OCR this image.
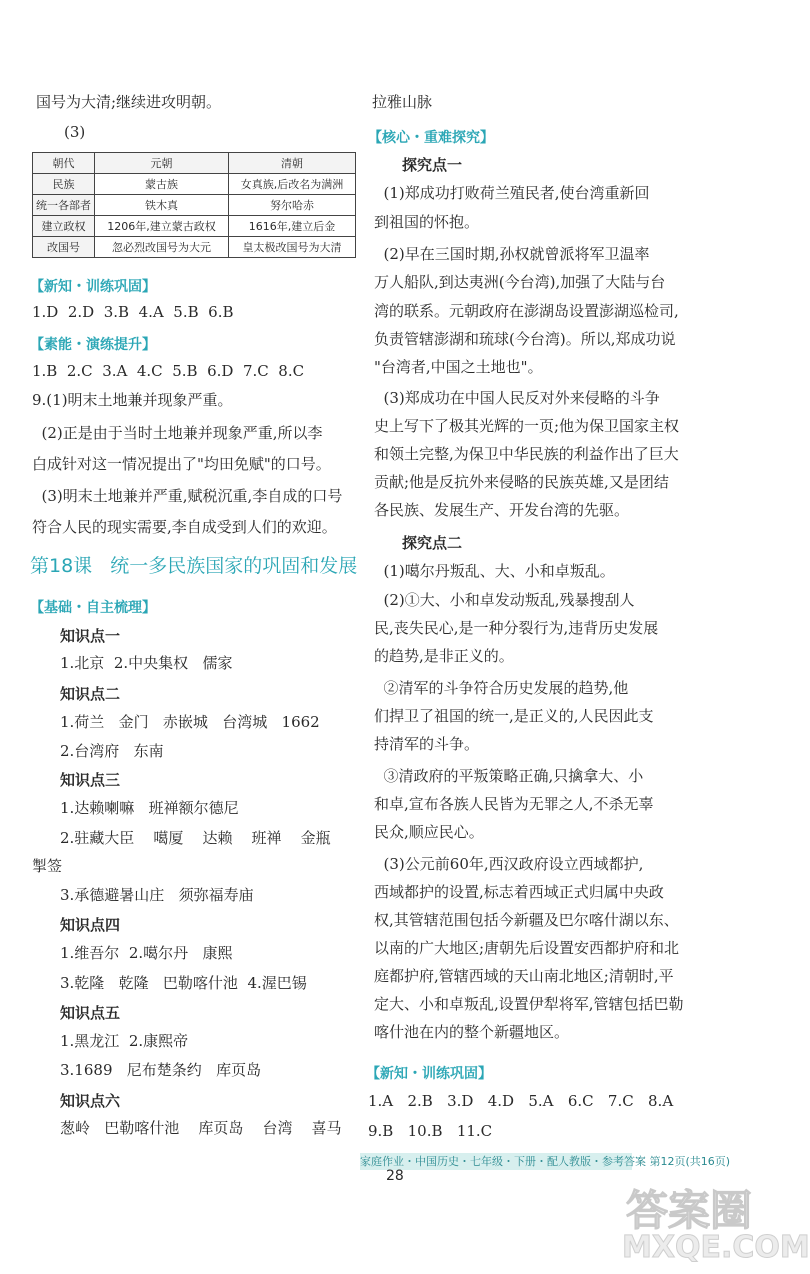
国号为大清;继续进攻明朝。
(3)
朝代	元朝	清朝
民族	蒙古族	女真族,后改名为满洲
统一各部者	铁木真	努尔哈赤
建立政权	1206年,建立蒙古政权	1616年,建立后金
改国号	忽必烈改国号为大元	皇太极改国号为大清
【新知・训练巩固】
1.D  2.D  3.B  4.A  5.B  6.B
【素能・演练提升】
1.B  2.C  3.A  4.C  5.B  6.D  7.C  8.C
9.(1)明末土地兼并现象严重。
(2)正是由于当时土地兼并现象严重,所以李
白成针对这一情况提出了"均田免赋"的口号。
(3)明末土地兼并严重,赋税沉重,李自成的口号
符合人民的现实需要,李自成受到人们的欢迎。
第18课   统一多民族国家的巩固和发展
【基础・自主梳理】
知识点一
1.北京  2.中央集权   儒家
知识点二
1.荷兰   金门   赤嵌城   台湾城   1662
2.台湾府   东南
知识点三
1.达赖喇嘛   班禅额尔德尼
2.驻藏大臣    噶厦    达赖    班禅    金瓶
掣签
3.承德避暑山庄   须弥福寿庙
知识点四
1.维吾尔  2.噶尔丹   康熙
3.乾隆   乾隆   巴勒喀什池  4.渥巴锡
知识点五
1.黑龙江  2.康熙帝
3.1689   尼布楚条约   库页岛
知识点六
葱岭   巴勒喀什池    库页岛    台湾    喜马
拉雅山脉
【核心・重难探究】
探究点一
(1)郑成功打败荷兰殖民者,使台湾重新回
到祖国的怀抱。
(2)早在三国时期,孙权就曾派将军卫温率
万人船队,到达夷洲(今台湾),加强了大陆与台
湾的联系。元朝政府在澎湖岛设置澎湖巡检司,
负责管辖澎湖和琉球(今台湾)。所以,郑成功说
"台湾者,中国之土地也"。
(3)郑成功在中国人民反对外来侵略的斗争
史上写下了极其光辉的一页;他为保卫国家主权
和领土完整,为保卫中华民族的利益作出了巨大
贡献;他是反抗外来侵略的民族英雄,又是团结
各民族、发展生产、开发台湾的先驱。
探究点二
(1)噶尔丹叛乱、大、小和卓叛乱。
(2)①大、小和卓发动叛乱,残暴搜刮人
民,丧失民心,是一种分裂行为,违背历史发展
的趋势,是非正义的。
②清军的斗争符合历史发展的趋势,他
们捍卫了祖国的统一,是正义的,人民因此支
持清军的斗争。
③清政府的平叛策略正确,只擒拿大、小
和卓,宣布各族人民皆为无罪之人,不杀无辜
民众,顺应民心。
(3)公元前60年,西汉政府设立西域都护,
西域都护的设置,标志着西域正式归属中央政
权,其管辖范围包括今新疆及巴尔喀什湖以东、
以南的广大地区;唐朝先后设置安西都护府和北
庭都护府,管辖西域的天山南北地区;清朝时,平
定大、小和卓叛乱,设置伊犁将军,管辖包括巴勒
喀什池在内的整个新疆地区。
【新知・训练巩固】
1.A   2.B   3.D   4.D   5.A   6.C   7.C   8.A
9.B   10.B   11.C
家庭作业・中国历史・七年级・下册・配人教版・参考答案 第12页(共16页)
28
答案圈
MXQE.COM
